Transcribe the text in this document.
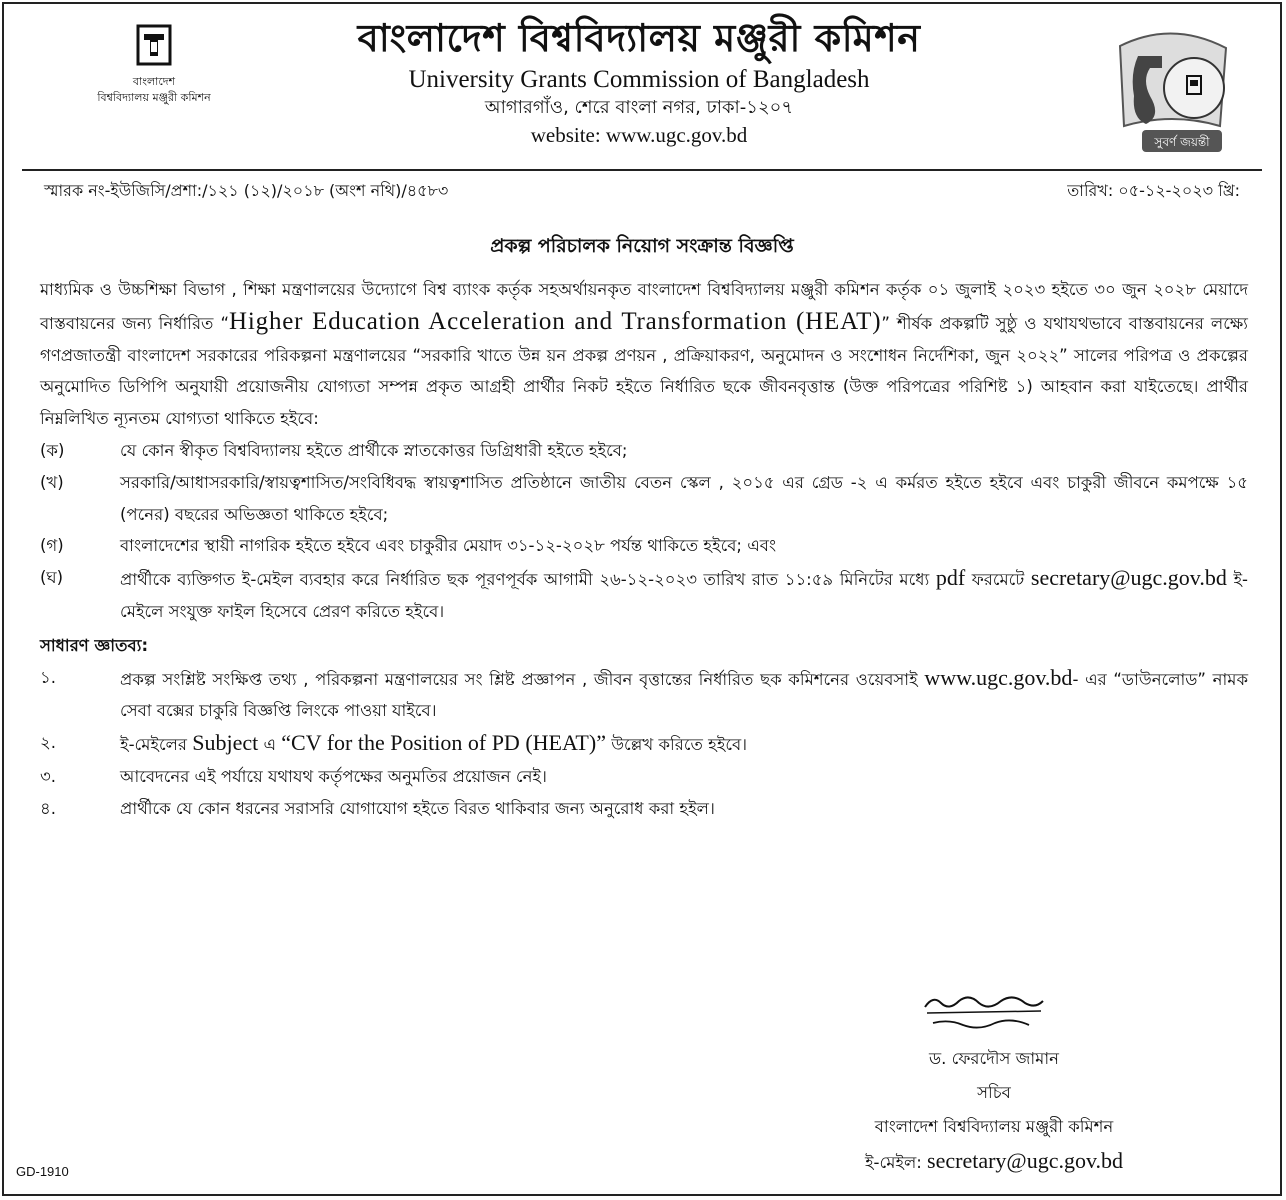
বাংলাদেশ
বিশ্ববিদ্যালয় মঞ্জুরী কমিশন
বাংলাদেশ বিশ্ববিদ্যালয় মঞ্জুরী কমিশন
University Grants Commission of Bangladesh
আগারগাঁও, শেরে বাংলা নগর, ঢাকা-১২০৭
website: www.ugc.gov.bd	সুবর্ণ জয়ন্তী
স্মারক নং-ইউজিসি/প্রশা:/১২১ (১২)/২০১৮ (অংশ নথি)/৪৫৮৩	তারিখ: ০৫-১২-২০২৩ খ্রি:
প্রকল্প পরিচালক নিয়োগ সংক্রান্ত বিজ্ঞপ্তি
মাধ্যমিক ও উচ্চশিক্ষা বিভাগ , শিক্ষা মন্ত্রণালয়ের উদ্যোগে বিশ্ব ব্যাংক কর্তৃক সহঅর্থায়নকৃত বাংলাদেশ বিশ্ববিদ্যালয় মঞ্জুরী কমিশন কর্তৃক ০১ জুলাই ২০২৩ হইতে ৩০ জুন ২০২৮ মেয়াদে বাস্তবায়নের জন্য নির্ধারিত “Higher Education Acceleration and Transformation (HEAT)” শীর্ষক প্রকল্পটি সুষ্ঠু ও যথাযথভাবে বাস্তবায়নের লক্ষ্যে গণপ্রজাতন্ত্রী বাংলাদেশ সরকারের পরিকল্পনা মন্ত্রণালয়ের “সরকারি খাতে উন্ন য়ন প্রকল্প প্রণয়ন , প্রক্রিয়াকরণ, অনুমোদন ও সংশোধন নির্দেশিকা, জুন ২০২২” সালের পরিপত্র ও প্রকল্পের অনুমোদিত ডিপিপি অনুযায়ী প্রয়োজনীয় যোগ্যতা সম্পন্ন প্রকৃত আগ্রহী প্রার্থীর নিকট হইতে নির্ধারিত ছকে জীবনবৃত্তান্ত (উক্ত পরিপত্রের পরিশিষ্ট ১) আহবান করা যাইতেছে। প্রার্থীর নিম্নলিখিত ন্যূনতম যোগ্যতা থাকিতে হইবে:
(ক)	যে কোন স্বীকৃত বিশ্ববিদ্যালয় হইতে প্রার্থীকে স্নাতকোত্তর ডিগ্রিধারী হইতে হইবে;
(খ)	সরকারি/আধাসরকারি/স্বায়ত্বশাসিত/সংবিধিবদ্ধ স্বায়ত্বশাসিত প্রতিষ্ঠানে জাতীয় বেতন স্কেল , ২০১৫ এর গ্রেড -২ এ কর্মরত হইতে হইবে এবং চাকুরী জীবনে কমপক্ষে ১৫ (পনের) বছরের অভিজ্ঞতা থাকিতে হইবে;
(গ)	বাংলাদেশের স্থায়ী নাগরিক হইতে হইবে এবং চাকুরীর মেয়াদ ৩১-১২-২০২৮ পর্যন্ত থাকিতে হইবে; এবং
(ঘ)	প্রার্থীকে ব্যক্তিগত ই-মেইল ব্যবহার করে নির্ধারিত ছক পূরণপূর্বক আগামী ২৬-১২-২০২৩ তারিখ রাত ১১:৫৯ মিনিটের মধ্যে pdf ফরমেটে secretary@ugc.gov.bd ই-মেইলে সংযুক্ত ফাইল হিসেবে প্রেরণ করিতে হইবে।
সাধারণ জ্ঞাতব্য:
১.	প্রকল্প সংশ্লিষ্ট সংক্ষিপ্ত তথ্য , পরিকল্পনা মন্ত্রণালয়ের সং শ্লিষ্ট প্রজ্ঞাপন , জীবন বৃত্তান্তের নির্ধারিত ছক কমিশনের ওয়েবসাই www.ugc.gov.bd- এর “ডাউনলোড” নামক সেবা বক্সের চাকুরি বিজ্ঞপ্তি লিংকে পাওয়া যাইবে।
২.	ই-মেইলের Subject এ “CV for the Position of PD (HEAT)” উল্লেখ করিতে হইবে।
৩.	আবেদনের এই পর্যায়ে যথাযথ কর্তৃপক্ষের অনুমতির প্রয়োজন নেই।
৪.	প্রার্থীকে যে কোন ধরনের সরাসরি যোগাযোগ হইতে বিরত থাকিবার জন্য অনুরোধ করা হইল।
ড. ফেরদৌস জামান
সচিব
বাংলাদেশ বিশ্ববিদ্যালয় মঞ্জুরী কমিশন
ই-মেইল: secretary@ugc.gov.bd
GD-1910
